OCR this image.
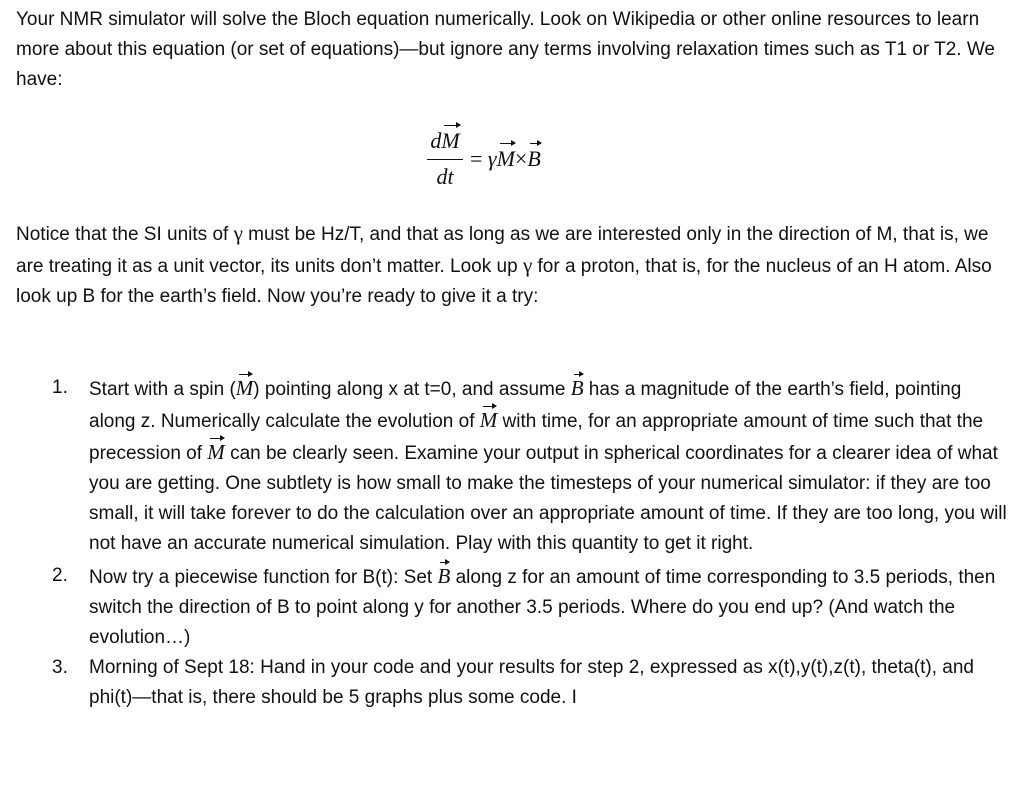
Your NMR simulator will solve the Bloch equation numerically. Look on Wikipedia or other online resources to learn more about this equation (or set of equations)—but ignore any terms involving relaxation times such as T1 or T2. We have:

dM
dt
= γM×B

Notice that the SI units of γ must be Hz/T, and that as long as we are interested only in the direction of M, that is, we are treating it as a unit vector, its units don’t matter. Look up γ for a proton, that is, for the nucleus of an H atom. Also look up B for the earth’s field. Now you’re ready to give it a try:

1. Start with a spin (M) pointing along x at t=0, and assume B has a magnitude of the earth’s field, pointing along z. Numerically calculate the evolution of M with time, for an appropriate amount of time such that the precession of M can be clearly seen. Examine your output in spherical coordinates for a clearer idea of what you are getting. One subtlety is how small to make the timesteps of your numerical simulator: if they are too small, it will take forever to do the calculation over an appropriate amount of time. If they are too long, you will not have an accurate numerical simulation. Play with this quantity to get it right.
2. Now try a piecewise function for B(t): Set B along z for an amount of time corresponding to 3.5 periods, then switch the direction of B to point along y for another 3.5 periods. Where do you end up? (And watch the evolution…)
3. Morning of Sept 18: Hand in your code and your results for step 2, expressed as x(t),y(t),z(t), theta(t), and phi(t)—that is, there should be 5 graphs plus some code. I
